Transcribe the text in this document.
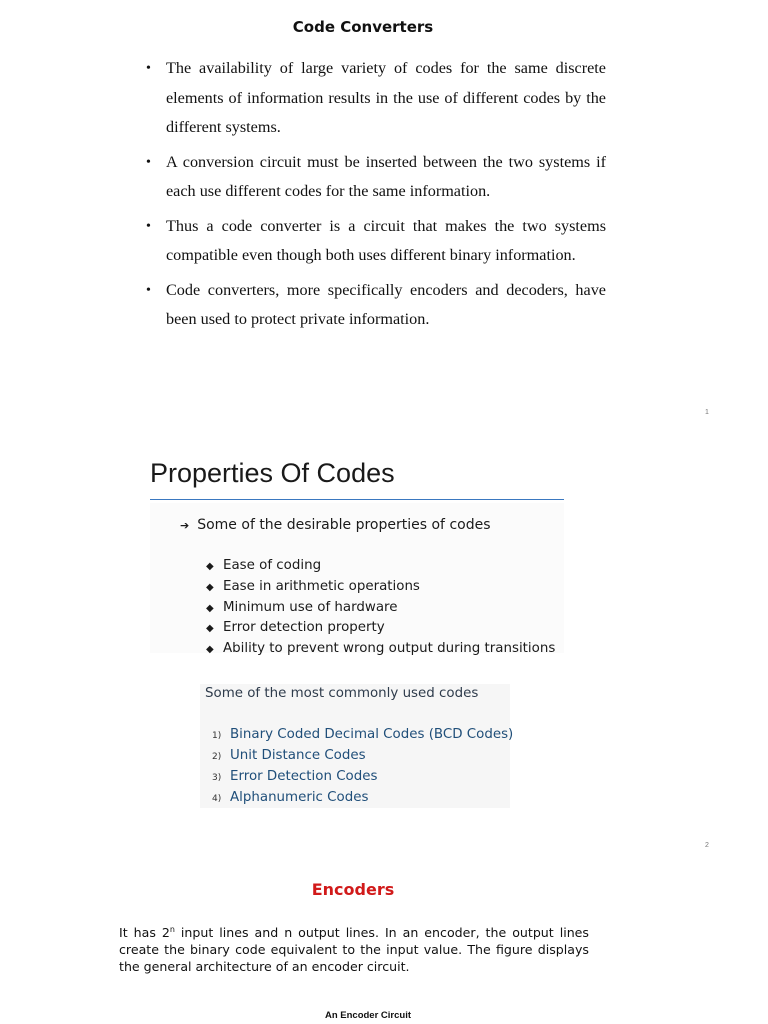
Code Converters
• The availability of large variety of codes for the same discrete elements of information results in the use of different codes by the different systems.
• A conversion circuit must be inserted between the two systems if each use different codes for the same information.
• Thus a code converter is a circuit that makes the two systems compatible even though both uses different binary information.
• Code converters, more specifically encoders and decoders, have been used to protect private information.
1
Properties Of Codes
➔ Some of the desirable properties of codes
◆ Ease of coding
◆ Ease in arithmetic operations
◆ Minimum use of hardware
◆ Error detection property
◆ Ability to prevent wrong output during transitions
Some of the most commonly used codes
1) Binary Coded Decimal Codes (BCD Codes)
2) Unit Distance Codes
3) Error Detection Codes
4) Alphanumeric Codes
2
Encoders

It has 2$^n$ input lines and n output lines. In an encoder, the output lines create the binary code equivalent to the input value. The figure displays the general architecture of an encoder circuit.

An Encoder Circuit
